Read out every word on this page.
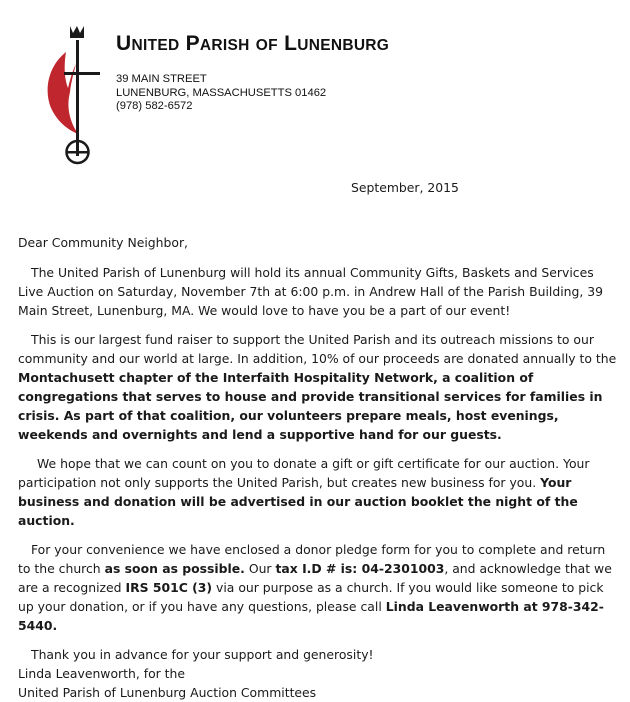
UNITED PARISH OF LUNENBURG
39 MAIN STREET
LUNENBURG, MASSACHUSETTS 01462
(978) 582-6572
September, 2015

Dear Community Neighbor,

The United Parish of Lunenburg will hold its annual Community Gifts, Baskets and Services Live Auction on Saturday, November 7th at 6:00 p.m. in Andrew Hall of the Parish Building, 39 Main Street, Lunenburg, MA. We would love to have you be a part of our event!

This is our largest fund raiser to support the United Parish and its outreach missions to our community and our world at large. In addition, 10% of our proceeds are donated annually to the Montachusett chapter of the Interfaith Hospitality Network, a coalition of congregations that serves to house and provide transitional services for families in crisis. As part of that coalition, our volunteers prepare meals, host evenings, weekends and overnights and lend a supportive hand for our guests.

We hope that we can count on you to donate a gift or gift certificate for our auction. Your participation not only supports the United Parish, but creates new business for you. Your business and donation will be advertised in our auction booklet the night of the auction.

For your convenience we have enclosed a donor pledge form for you to complete and return to the church as soon as possible. Our tax I.D # is: 04-2301003, and acknowledge that we are a recognized IRS 501C (3) via our purpose as a church. If you would like someone to pick up your donation, or if you have any questions, please call Linda Leavenworth at 978-342-5440.

Thank you in advance for your support and generosity!

Linda Leavenworth, for the
United Parish of Lunenburg Auction Committees
